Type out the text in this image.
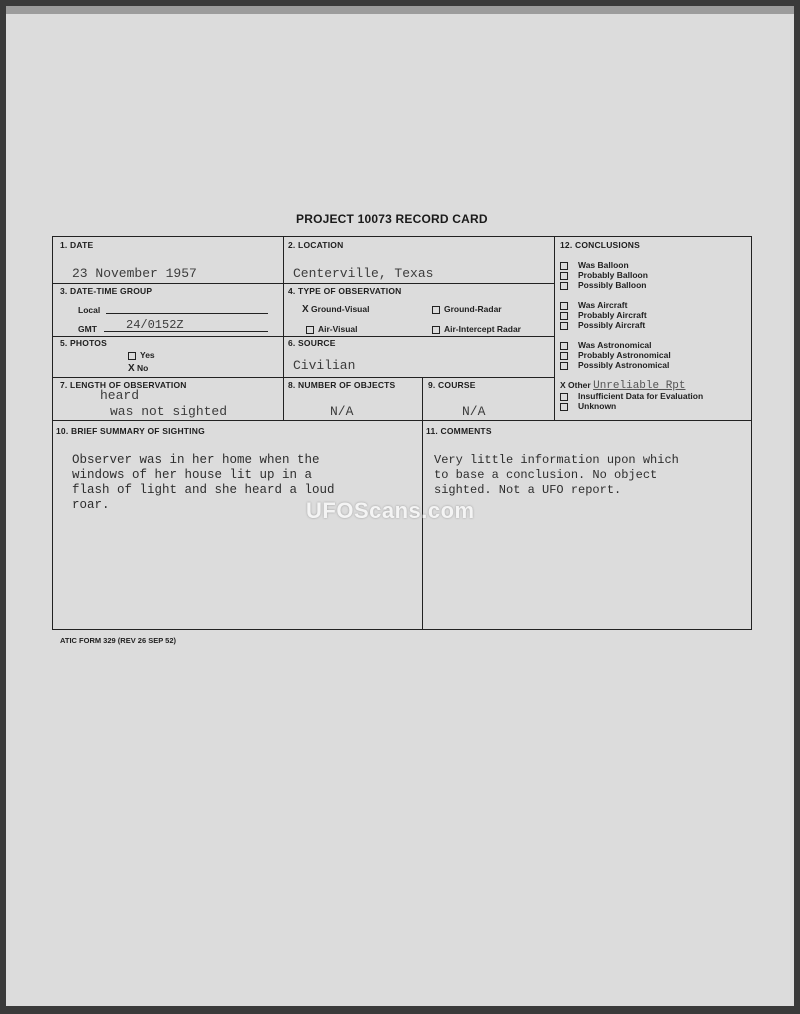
PROJECT 10073 RECORD CARD
1. DATE
23 November 1957
2. LOCATION
Centerville, Texas
3. DATE-TIME GROUP
Local
GMT 24/0152Z
4. TYPE OF OBSERVATION
X Ground-Visual	Ground-Radar
Air-Visual	Air-Intercept Radar
5. PHOTOS
Yes
X No
6. SOURCE
Civilian
7. LENGTH OF OBSERVATION
heard
was not sighted
8. NUMBER OF OBJECTS
N/A
9. COURSE
N/A
12. CONCLUSIONS
Was Balloon
Probably Balloon
Possibly Balloon
Was Aircraft
Probably Aircraft
Possibly Aircraft
Was Astronomical
Probably Astronomical
Possibly Astronomical
X Other Unreliable Rpt
Insufficient Data for Evaluation
Unknown
10. BRIEF SUMMARY OF SIGHTING
Observer was in her home when the
windows of her house lit up in a
flash of light and she heard a loud
roar.
11. COMMENTS
Very little information upon which
to base a conclusion. No object
sighted. Not a UFO report.
UFOScans.com
ATIC FORM 329 (REV 26 SEP 52)
